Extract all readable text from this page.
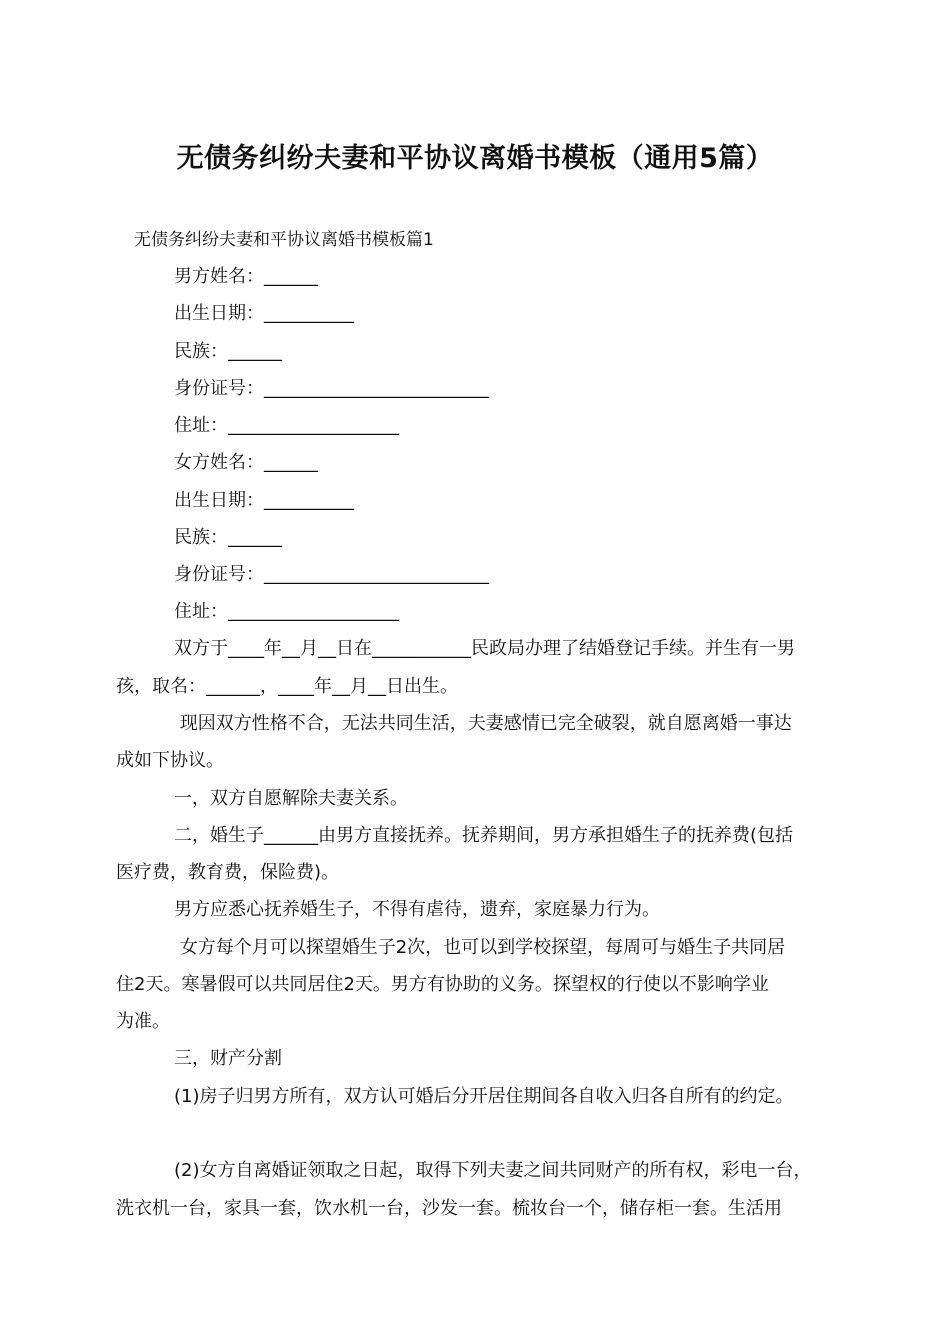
无债务纠纷夫妻和平协议离婚书模板（通用5篇）
无债务纠纷夫妻和平协议离婚书模板篇1
男方姓名：______
出生日期：__________
民族：______
身份证号：_________________________
住址：___________________
女方姓名：______
出生日期：__________
民族：______
身份证号：_________________________
住址：___________________
双方于____年__月__日在___________民政局办理了结婚登记手续。并生有一男
孩，取名：______，____年__月__日出生。
现因双方性格不合，无法共同生活，夫妻感情已完全破裂，就自愿离婚一事达
成如下协议。
一，双方自愿解除夫妻关系。
二，婚生子______由男方直接抚养。抚养期间，男方承担婚生子的抚养费(包括
医疗费，教育费，保险费)。
男方应悉心抚养婚生子，不得有虐待，遗弃，家庭暴力行为。
女方每个月可以探望婚生子2次，也可以到学校探望，每周可与婚生子共同居
住2天。寒暑假可以共同居住2天。男方有协助的义务。探望权的行使以不影响学业
为准。
三，财产分割
(1)房子归男方所有，双方认可婚后分开居住期间各自收入归各自所有的约定。
(2)女方自离婚证领取之日起，取得下列夫妻之间共同财产的所有权，彩电一台，
洗衣机一台，家具一套，饮水机一台，沙发一套。梳妆台一个，储存柜一套。生活用
